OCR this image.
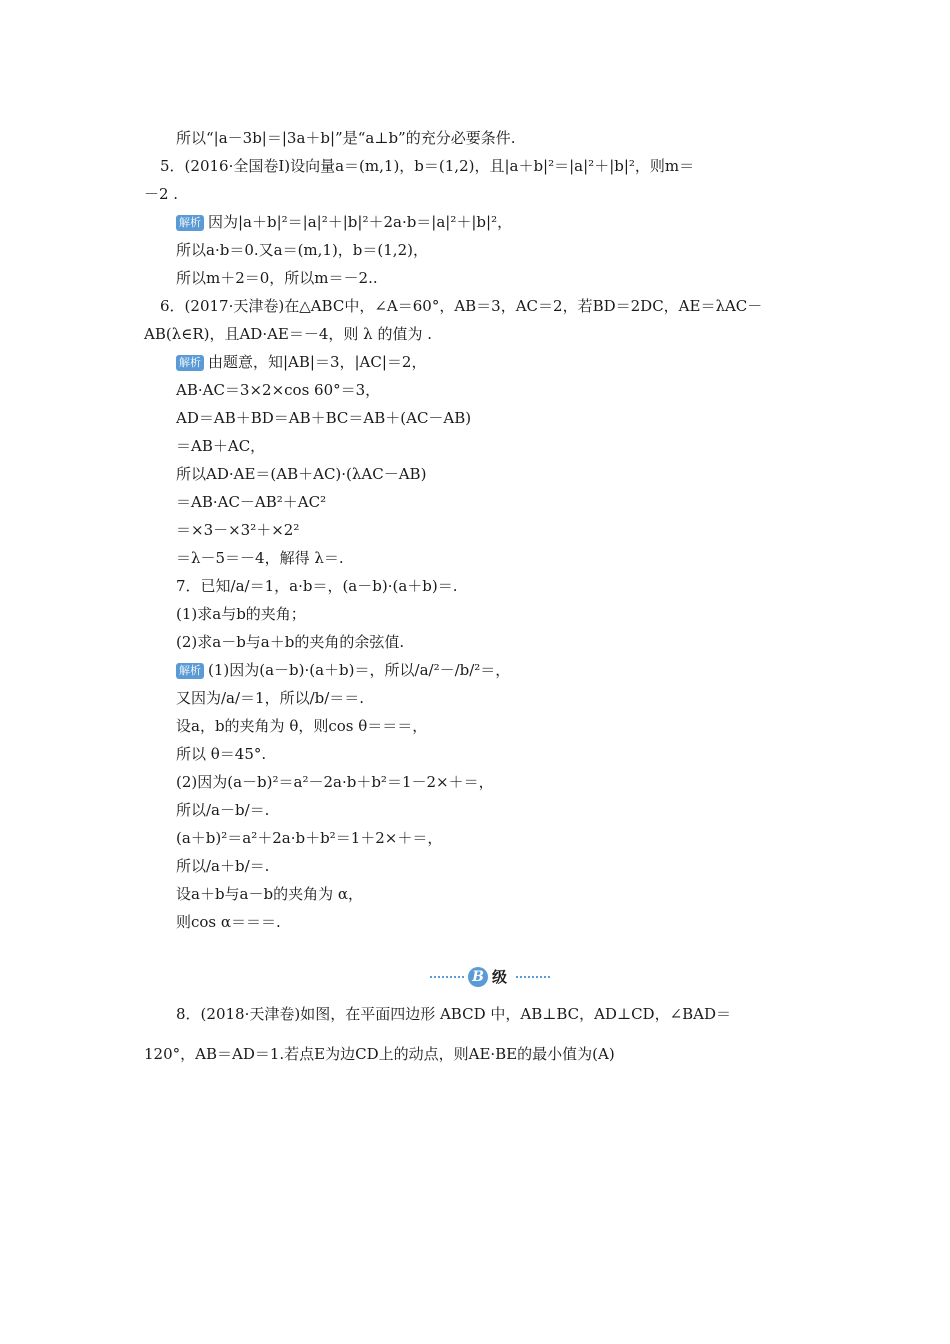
所以“|a－3b|＝|3a＋b|”是“a⊥b”的充分必要条件.
5．(2016·全国卷Ⅰ)设向量a＝(m,1)，b＝(1,2)，且|a＋b|²＝|a|²＋|b|²，则m＝
－2 .
解析 因为|a＋b|²＝|a|²＋|b|²＋2a·b＝|a|²＋|b|²，
所以a·b＝0.又a＝(m,1)，b＝(1,2)，
所以m＋2＝0，所以m＝－2..
6．(2017·天津卷)在△ABC中，∠A＝60°，AB＝3，AC＝2，若BD＝2DC，AE＝λAC－
AB(λ∈R)，且AD·AE＝－4，则 λ 的值为 .
解析 由题意，知|AB|＝3，|AC|＝2，
AB·AC＝3×2×cos 60°＝3，
AD＝AB＋BD＝AB＋BC＝AB＋(AC－AB)
＝AB＋AC，
所以AD·AE＝(AB＋AC)·(λAC－AB)
＝AB·AC－AB²＋AC²
＝×3－×3²＋×2²
＝λ－5＝－4，解得 λ＝.
7．已知/a/＝1，a·b＝，(a－b)·(a＋b)＝.
(1)求a与b的夹角；
(2)求a－b与a＋b的夹角的余弦值.
解析 (1)因为(a－b)·(a＋b)＝，所以/a/²－/b/²＝，
又因为/a/＝1，所以/b/＝＝.
设a，b的夹角为 θ，则cos θ＝＝＝，
所以 θ＝45°.
(2)因为(a－b)²＝a²－2a·b＋b²＝1－2×＋＝，
所以/a－b/＝.
(a＋b)²＝a²＋2a·b＋b²＝1＋2×＋＝，
所以/a＋b/＝.
设a＋b与a－b的夹角为 α，
则cos α＝＝＝.
B 级
8．(2018·天津卷)如图，在平面四边形 ABCD 中，AB⊥BC，AD⊥CD，∠BAD＝
120°，AB＝AD＝1.若点E为边CD上的动点，则AE·BE的最小值为(A)
